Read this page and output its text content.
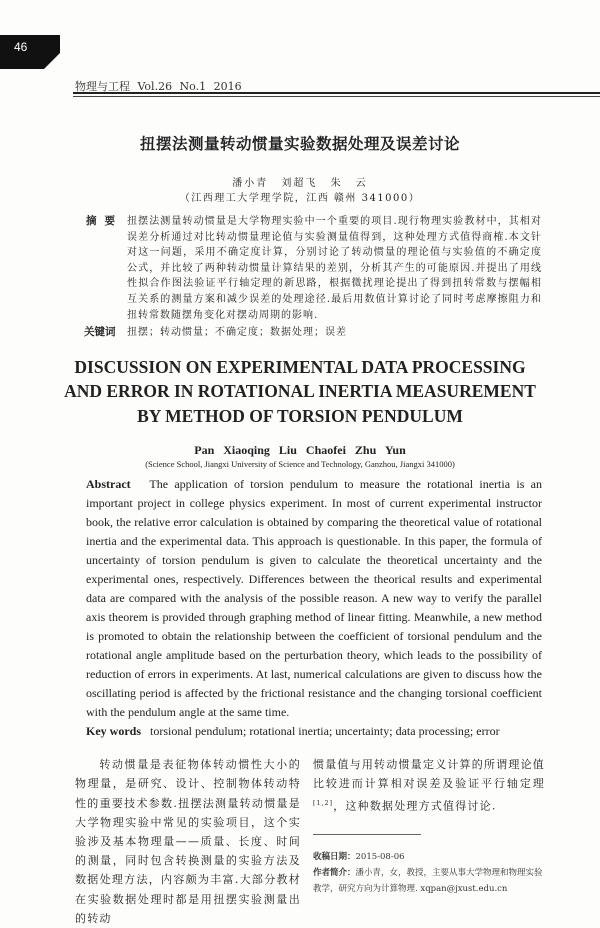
46
物理与工程 Vol.26 No.1 2016
扭摆法测量转动惯量实验数据处理及误差讨论
潘小青 刘超飞 朱 云
（江西理工大学理学院，江西 赣州 341000）
摘要 扭摆法测量转动惯量是大学物理实验中一个重要的项目.现行物理实验教材中，其相对误差分析通过对比转动惯量理论值与实验测量值得到，这种处理方式值得商榷.本文针对这一问题，采用不确定度计算，分别讨论了转动惯量的理论值与实验值的不确定度公式，并比较了两种转动惯量计算结果的差别，分析其产生的可能原因.并提出了用线性拟合作图法验证平行轴定理的新思路，根据微扰理论提出了得到扭转常数与摆幅相互关系的测量方案和减少误差的处理途径.最后用数值计算讨论了同时考虑摩擦阻力和扭转常数随摆角变化对摆动周期的影响.
关键词	扭摆；转动惯量；不确定度；数据处理；误差
DISCUSSION ON EXPERIMENTAL DATA PROCESSING AND ERROR IN ROTATIONAL INERTIA MEASUREMENT BY METHOD OF TORSION PENDULUM
Pan Xiaoqing Liu Chaofei Zhu Yun
(Science School, Jiangxi University of Science and Technology, Ganzhou, Jiangxi 341000)
Abstract The application of torsion pendulum to measure the rotational inertia is an important project in college physics experiment. In most of current experimental instructor book, the relative error calculation is obtained by comparing the theoretical value of rotational inertia and the experimental data. This approach is questionable. In this paper, the formula of uncertainty of torsion pendulum is given to calculate the theoretical uncertainty and the experimental ones, respectively. Differences between the theorical results and experimental data are compared with the analysis of the possible reason. A new way to verify the parallel axis theorem is provided through graphing method of linear fitting. Meanwhile, a new method is promoted to obtain the relationship between the coefficient of torsional pendulum and the rotational angle amplitude based on the perturbation theory, which leads to the possibility of reduction of errors in experiments. At last, numerical calculations are given to discuss how the oscillating period is affected by the frictional resistance and the changing torsional coefficient with the pendulum angle at the same time.
Key words torsional pendulum; rotational inertia; uncertainty; data processing; error
转动惯量是表征物体转动惯性大小的物理量，是研究、设计、控制物体转动特性的重要技术参数.扭摆法测量转动惯量是大学物理实验中常见的实验项目，这个实验涉及基本物理量——质量、长度、时间的测量，同时包含转换测量的实验方法及数据处理方法，内容颇为丰富.大部分教材在实验数据处理时都是用扭摆实验测量出的转动
惯量值与用转动惯量定义计算的所谓理论值比较进而计算相对误差及验证平行轴定理[1,2]，这种数据处理方式值得讨论.
收稿日期：2015-08-06
作者简介：潘小青，女，教授，主要从事大学物理和物理实验教学，研究方向为计算物理. xqpan@jxust.edu.cn
